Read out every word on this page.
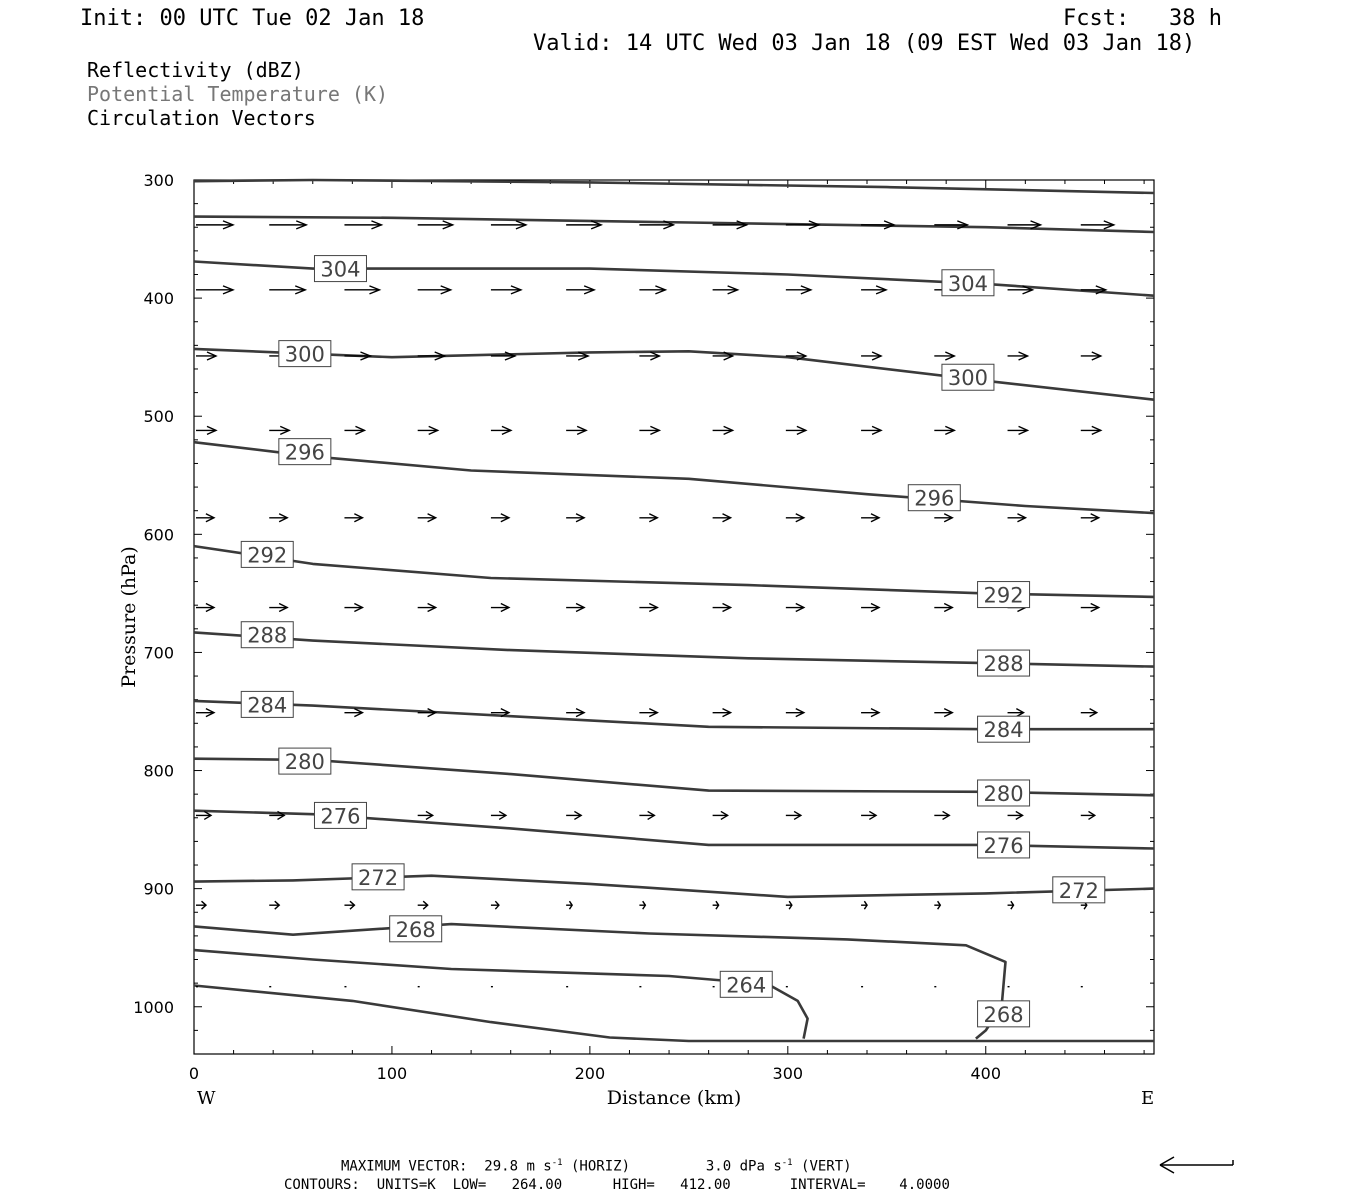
300
400
500
600
700
800
900
1000
0	100	200	300	400
W	E
Distance (km)
Pressure (hPa)
304
304
300
300
296
296
292
292
288
288
284
284
280
280
276
276
272
272
268
264
268
Init: 00 UTC Tue 02 Jan 18	Fcst:   38 h
Valid: 14 UTC Wed 03 Jan 18 (09 EST Wed 03 Jan 18)
Reflectivity (dBZ)
Potential Temperature (K)
Circulation Vectors
MAXIMUM VECTOR: 29.8 m $s^{-1}$ (HORIZ)         3.0 dPa $s^{-1}$ (VERT)
CONTOURS:  UNITS=K  LOW=   264.00      HIGH=   412.00       INTERVAL=    4.0000
